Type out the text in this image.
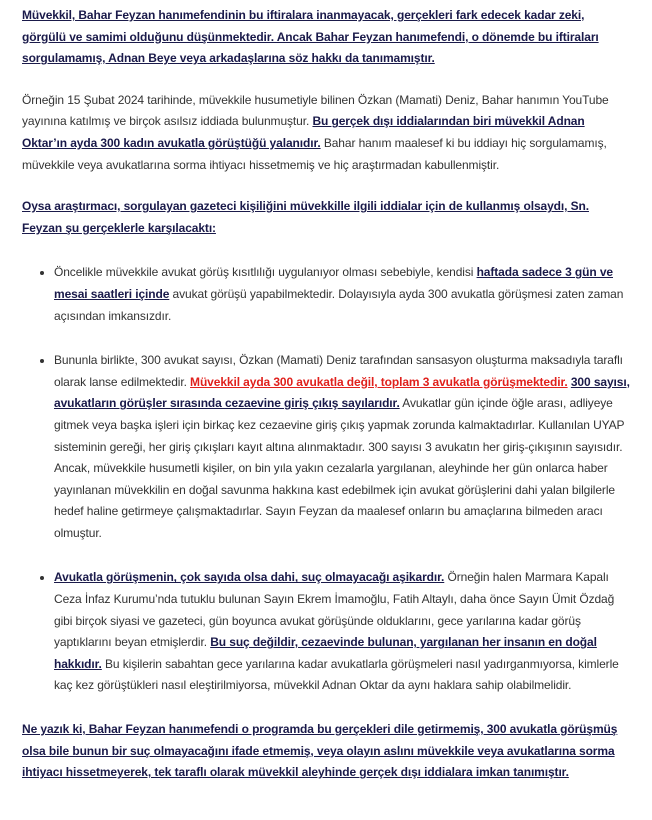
Müvekkil, Bahar Feyzan hanımefendinin bu iftiralara inanmayacak, gerçekleri fark edecek kadar zeki, görgülü ve samimi olduğunu düşünmektedir. Ancak Bahar Feyzan hanımefendi, o dönemde bu iftiraları sorgulamamış, Adnan Beye veya arkadaşlarına söz hakkı da tanımamıştır.

Örneğin 15 Şubat 2024 tarihinde, müvekkile husumetiyle bilinen Özkan (Mamati) Deniz, Bahar hanımın YouTube yayınına katılmış ve birçok asılsız iddiada bulunmuştur. Bu gerçek dışı iddialarından biri müvekkil Adnan Oktar’ın ayda 300 kadın avukatla görüştüğü yalanıdır. Bahar hanım maalesef ki bu iddiayı hiç sorgulamamış, müvekkile veya avukatlarına sorma ihtiyacı hissetmemiş ve hiç araştırmadan kabullenmiştir.

Oysa araştırmacı, sorgulayan gazeteci kişiliğini müvekkille ilgili iddialar için de kullanmış olsaydı, Sn. Feyzan şu gerçeklerle karşılacaktı:

Öncelikle müvekkile avukat görüş kısıtlılığı uygulanıyor olması sebebiyle, kendisi haftada sadece 3 gün ve mesai saatleri içinde avukat görüşü yapabilmektedir. Dolayısıyla ayda 300 avukatla görüşmesi zaten zaman açısından imkansızdır.
Bununla birlikte, 300 avukat sayısı, Özkan (Mamati) Deniz tarafından sansasyon oluşturma maksadıyla taraflı olarak lanse edilmektedir. Müvekkil ayda 300 avukatla değil, toplam 3 avukatla görüşmektedir. 300 sayısı, avukatların görüşler sırasında cezaevine giriş çıkış sayılarıdır. Avukatlar gün içinde öğle arası, adliyeye gitmek veya başka işleri için birkaç kez cezaevine giriş çıkış yapmak zorunda kalmaktadırlar. Kullanılan UYAP sisteminin gereği, her giriş çıkışları kayıt altına alınmaktadır. 300 sayısı 3 avukatın her giriş-çıkışının sayısıdır.
Ancak, müvekkile husumetli kişiler, on bin yıla yakın cezalarla yargılanan, aleyhinde her gün onlarca haber yayınlanan müvekkilin en doğal savunma hakkına kast edebilmek için avukat görüşlerini dahi yalan bilgilerle hedef haline getirmeye çalışmaktadırlar. Sayın Feyzan da maalesef onların bu amaçlarına bilmeden aracı olmuştur.
Avukatla görüşmenin, çok sayıda olsa dahi, suç olmayacağı aşikardır. Örneğin halen Marmara Kapalı Ceza İnfaz Kurumu’nda tutuklu bulunan Sayın Ekrem İmamoğlu, Fatih Altaylı, daha önce Sayın Ümit Özdağ gibi birçok siyasi ve gazeteci, gün boyunca avukat görüşünde olduklarını, gece yarılarına kadar görüş yaptıklarını beyan etmişlerdir. Bu suç değildir, cezaevinde bulunan, yargılanan her insanın en doğal hakkıdır. Bu kişilerin sabahtan gece yarılarına kadar avukatlarla görüşmeleri nasıl yadırganmıyorsa, kimlerle kaç kez görüştükleri nasıl eleştirilmiyorsa, müvekkil Adnan Oktar da aynı haklara sahip olabilmelidir.

Ne yazık ki, Bahar Feyzan hanımefendi o programda bu gerçekleri dile getirmemiş, 300 avukatla görüşmüş olsa bile bunun bir suç olmayacağını ifade etmemiş, veya olayın aslını müvekkile veya avukatlarına sorma ihtiyacı hissetmeyerek, tek taraflı olarak müvekkil aleyhinde gerçek dışı iddialara imkan tanımıştır.
